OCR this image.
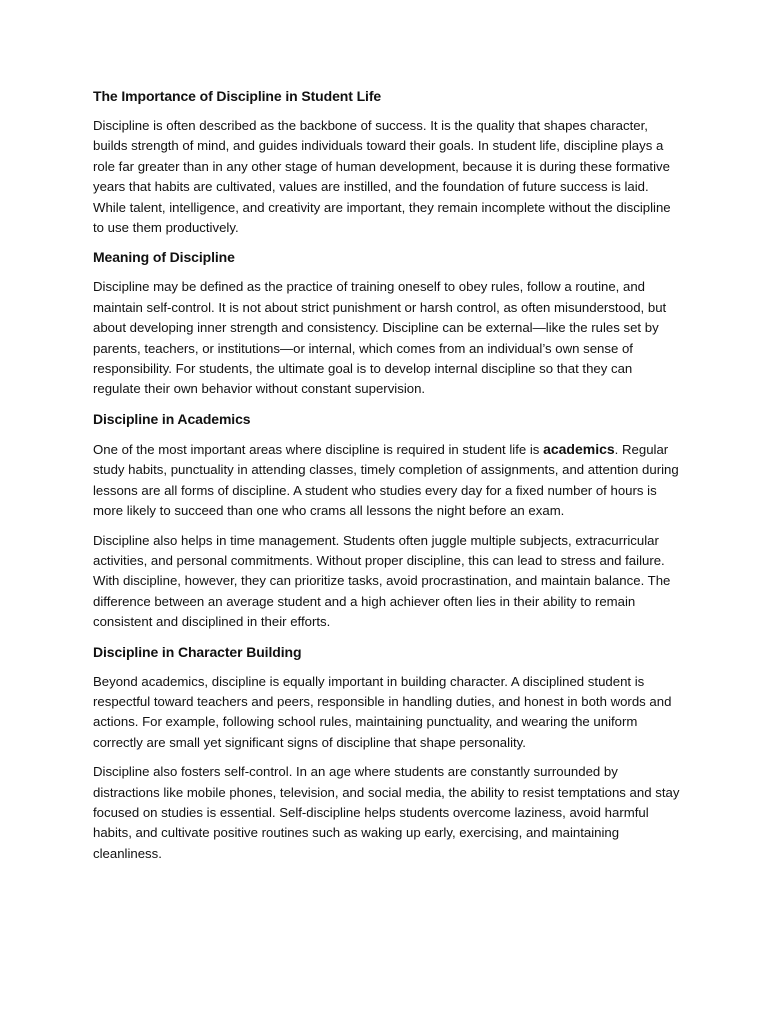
The Importance of Discipline in Student Life

Discipline is often described as the backbone of success. It is the quality that shapes character, builds strength of mind, and guides individuals toward their goals. In student life, discipline plays a role far greater than in any other stage of human development, because it is during these formative years that habits are cultivated, values are instilled, and the foundation of future success is laid. While talent, intelligence, and creativity are important, they remain incomplete without the discipline to use them productively.

Meaning of Discipline

Discipline may be defined as the practice of training oneself to obey rules, follow a routine, and maintain self-control. It is not about strict punishment or harsh control, as often misunderstood, but about developing inner strength and consistency. Discipline can be external—like the rules set by parents, teachers, or institutions—or internal, which comes from an individual’s own sense of responsibility. For students, the ultimate goal is to develop internal discipline so that they can regulate their own behavior without constant supervision.

Discipline in Academics

One of the most important areas where discipline is required in student life is academics. Regular study habits, punctuality in attending classes, timely completion of assignments, and attention during lessons are all forms of discipline. A student who studies every day for a fixed number of hours is more likely to succeed than one who crams all lessons the night before an exam.

Discipline also helps in time management. Students often juggle multiple subjects, extracurricular activities, and personal commitments. Without proper discipline, this can lead to stress and failure. With discipline, however, they can prioritize tasks, avoid procrastination, and maintain balance. The difference between an average student and a high achiever often lies in their ability to remain consistent and disciplined in their efforts.

Discipline in Character Building

Beyond academics, discipline is equally important in building character. A disciplined student is respectful toward teachers and peers, responsible in handling duties, and honest in both words and actions. For example, following school rules, maintaining punctuality, and wearing the uniform correctly are small yet significant signs of discipline that shape personality.

Discipline also fosters self-control. In an age where students are constantly surrounded by distractions like mobile phones, television, and social media, the ability to resist temptations and stay focused on studies is essential. Self-discipline helps students overcome laziness, avoid harmful habits, and cultivate positive routines such as waking up early, exercising, and maintaining cleanliness.
